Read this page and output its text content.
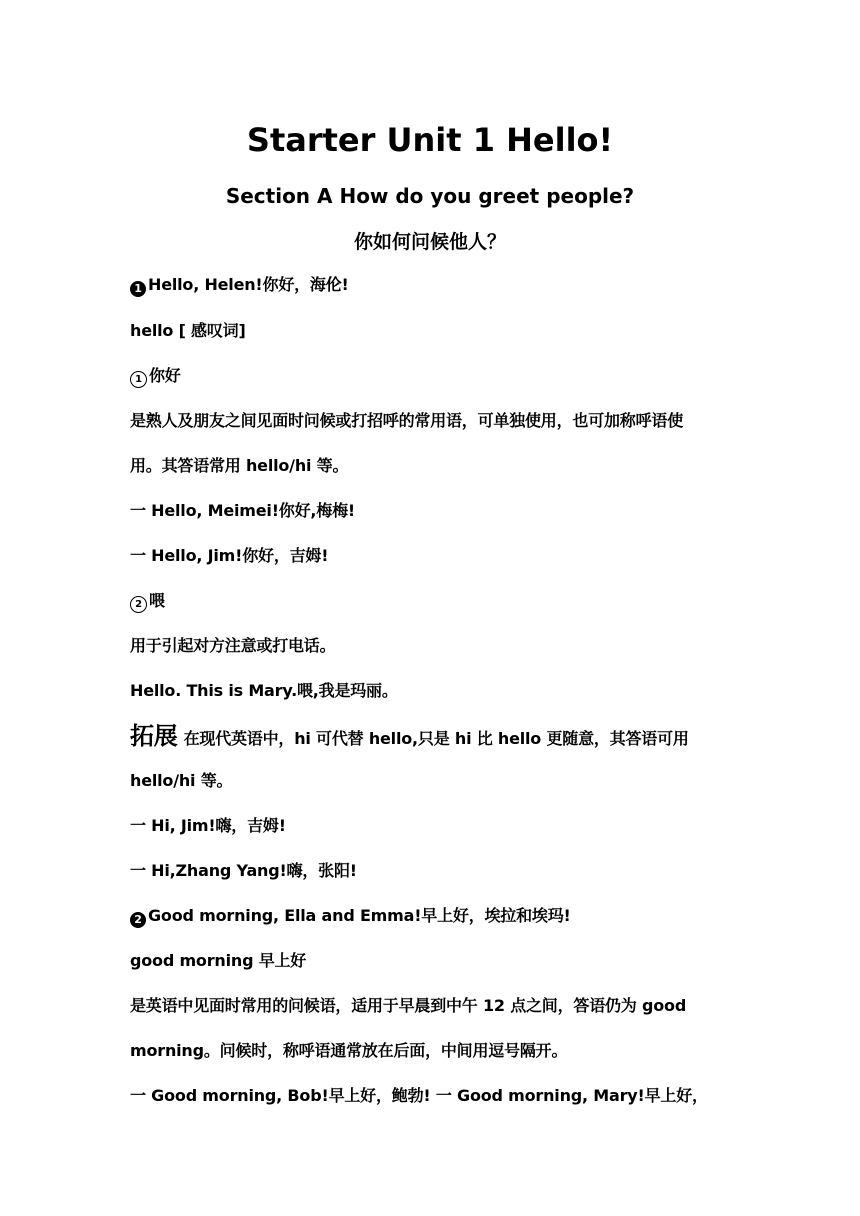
Starter Unit 1 Hello!
Section A How do you greet people?
你如何问候他人？
1 Hello, Helen!你好，海伦!
hello [ 感叹词]
1 你好
是熟人及朋友之间见面时问候或打招呼的常用语，可单独使用，也可加称呼语使
用。其答语常用 hello/hi 等。
一 Hello, Meimei!你好,梅梅!
一 Hello, Jim!你好，吉姆!
2 喂
用于引起对方注意或打电话。
Hello. This is Mary.喂,我是玛丽。
拓展 在现代英语中，hi 可代替 hello,只是 hi 比 hello 更随意，其答语可用
hello/hi 等。
一 Hi, Jim!嗨，吉姆!
一 Hi,Zhang Yang!嗨，张阳!
2 Good morning, Ella and Emma!早上好，埃拉和埃玛!
good morning 早上好
是英语中见面时常用的问候语，适用于早晨到中午 12 点之间，答语仍为 good
morning。问候时，称呼语通常放在后面，中间用逗号隔开。
一 Good morning, Bob!早上好，鲍勃! 一 Good morning, Mary!早上好，
